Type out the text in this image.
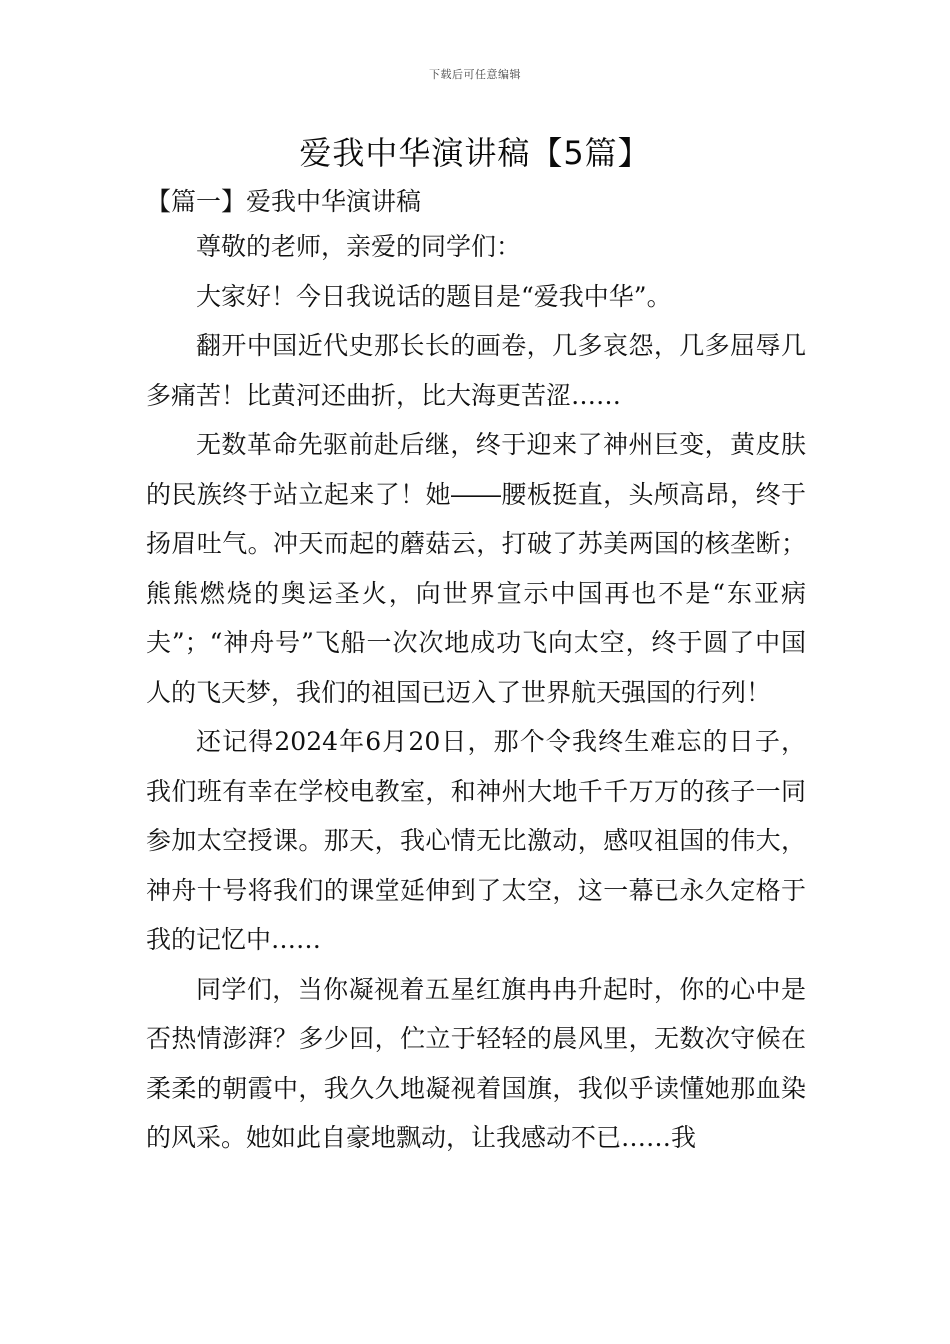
下载后可任意编辑
爱我中华演讲稿【5篇】
【篇一】爱我中华演讲稿

尊敬的老师，亲爱的同学们：

大家好！今日我说话的题目是“爱我中华”。

翻开中国近代史那长长的画卷，几多哀怨，几多屈辱几多痛苦！比黄河还曲折，比大海更苦涩……

无数革命先驱前赴后继，终于迎来了神州巨变，黄皮肤的民族终于站立起来了！她――腰板挺直，头颅高昂，终于扬眉吐气。冲天而起的蘑菇云，打破了苏美两国的核垄断；熊熊燃烧的奥运圣火，向世界宣示中国再也不是“东亚病夫”；“神舟号”飞船一次次地成功飞向太空，终于圆了中国人的飞天梦，我们的祖国已迈入了世界航天强国的行列！

还记得2024年6月20日，那个令我终生难忘的日子，我们班有幸在学校电教室，和神州大地千千万万的孩子一同参加太空授课。那天，我心情无比激动，感叹祖国的伟大，神舟十号将我们的课堂延伸到了太空，这一幕已永久定格于我的记忆中……

同学们，当你凝视着五星红旗冉冉升起时，你的心中是否热情澎湃？多少回，伫立于轻轻的晨风里，无数次守候在柔柔的朝霞中，我久久地凝视着国旗，我似乎读懂她那血染的风采。她如此自豪地飘动，让我感动不已……我
